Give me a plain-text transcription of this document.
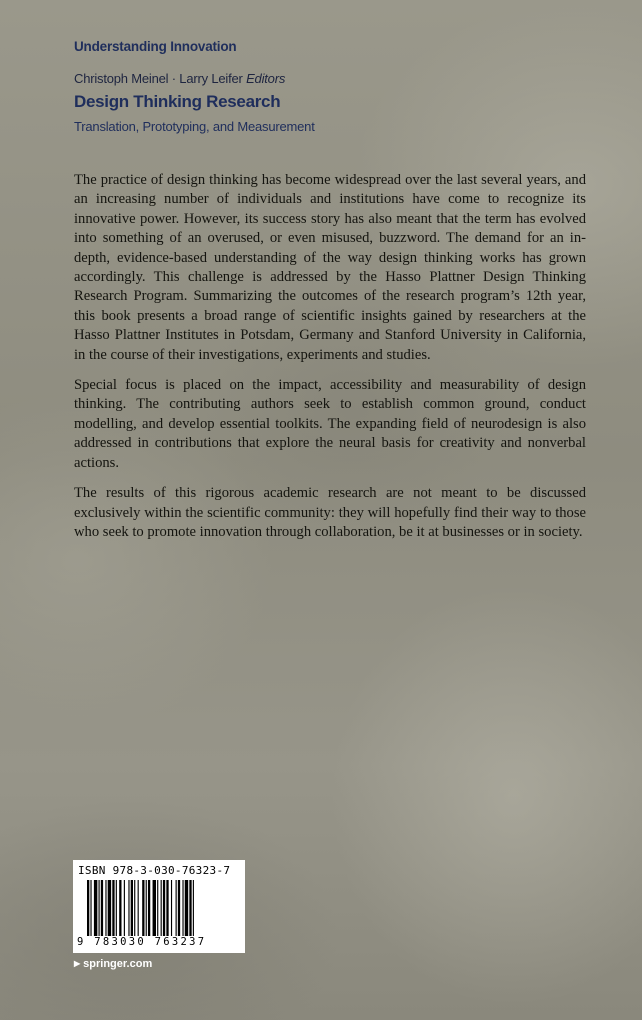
Understanding Innovation
Christoph Meinel · Larry Leifer Editors
Design Thinking Research
Translation, Prototyping, and Measurement

The practice of design thinking has become widespread over the last several years, and an increasing number of individuals and institutions have come to recognize its innovative power. However, its success story has also meant that the term has evolved into something of an overused, or even misused, buzzword. The demand for an in-depth, evidence-based understanding of the way design thinking works has grown accordingly. This challenge is addressed by the Hasso Plattner Design Thinking Research Program. Summarizing the outcomes of the research program’s 12th year, this book presents a broad range of scientific insights gained by researchers at the Hasso Plattner Institutes in Potsdam, Germany and Stanford University in California, in the course of their investigations, experiments and studies.

Special focus is placed on the impact, accessibility and measurability of design thinking. The contributing authors seek to establish common ground, conduct modelling, and develop essential toolkits. The expanding field of neurodesign is also addressed in contributions that explore the neural basis for creativity and nonverbal actions.

The results of this rigorous academic research are not meant to be discussed exclusively within the scientific community: they will hopefully find their way to those who seek to promote innovation through collaboration, be it at businesses or in society.

ISBN 978-3-030-76323-7
9 783030 763237
▶ springer.com
